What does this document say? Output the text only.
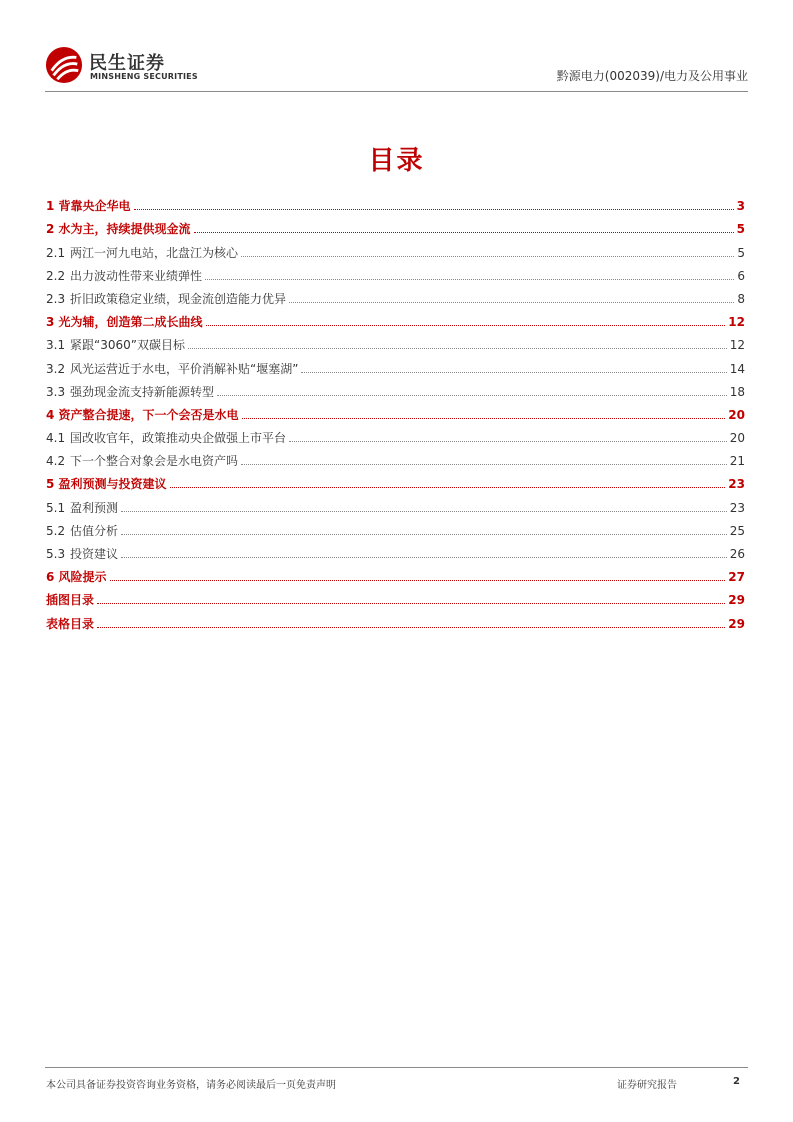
民生证券
MINSHENG SECURITIES	黔源电力(002039)/电力及公用事业
目录
1 背靠央企华电	3
2 水为主，持续提供现金流	5
2.1 两江一河九电站，北盘江为核心	5
2.2 出力波动性带来业绩弹性	6
2.3 折旧政策稳定业绩，现金流创造能力优异	8
3 光为辅，创造第二成长曲线	12
3.1 紧跟“3060”双碳目标	12
3.2 风光运营近于水电，平价消解补贴“堰塞湖”	14
3.3 强劲现金流支持新能源转型	18
4 资产整合提速，下一个会否是水电	20
4.1 国改收官年，政策推动央企做强上市平台	20
4.2 下一个整合对象会是水电资产吗	21
5 盈利预测与投资建议	23
5.1 盈利预测	23
5.2 估值分析	25
5.3 投资建议	26
6 风险提示	27
插图目录	29
表格目录	29
本公司具备证券投资咨询业务资格，请务必阅读最后一页免责声明	证券研究报告	2
